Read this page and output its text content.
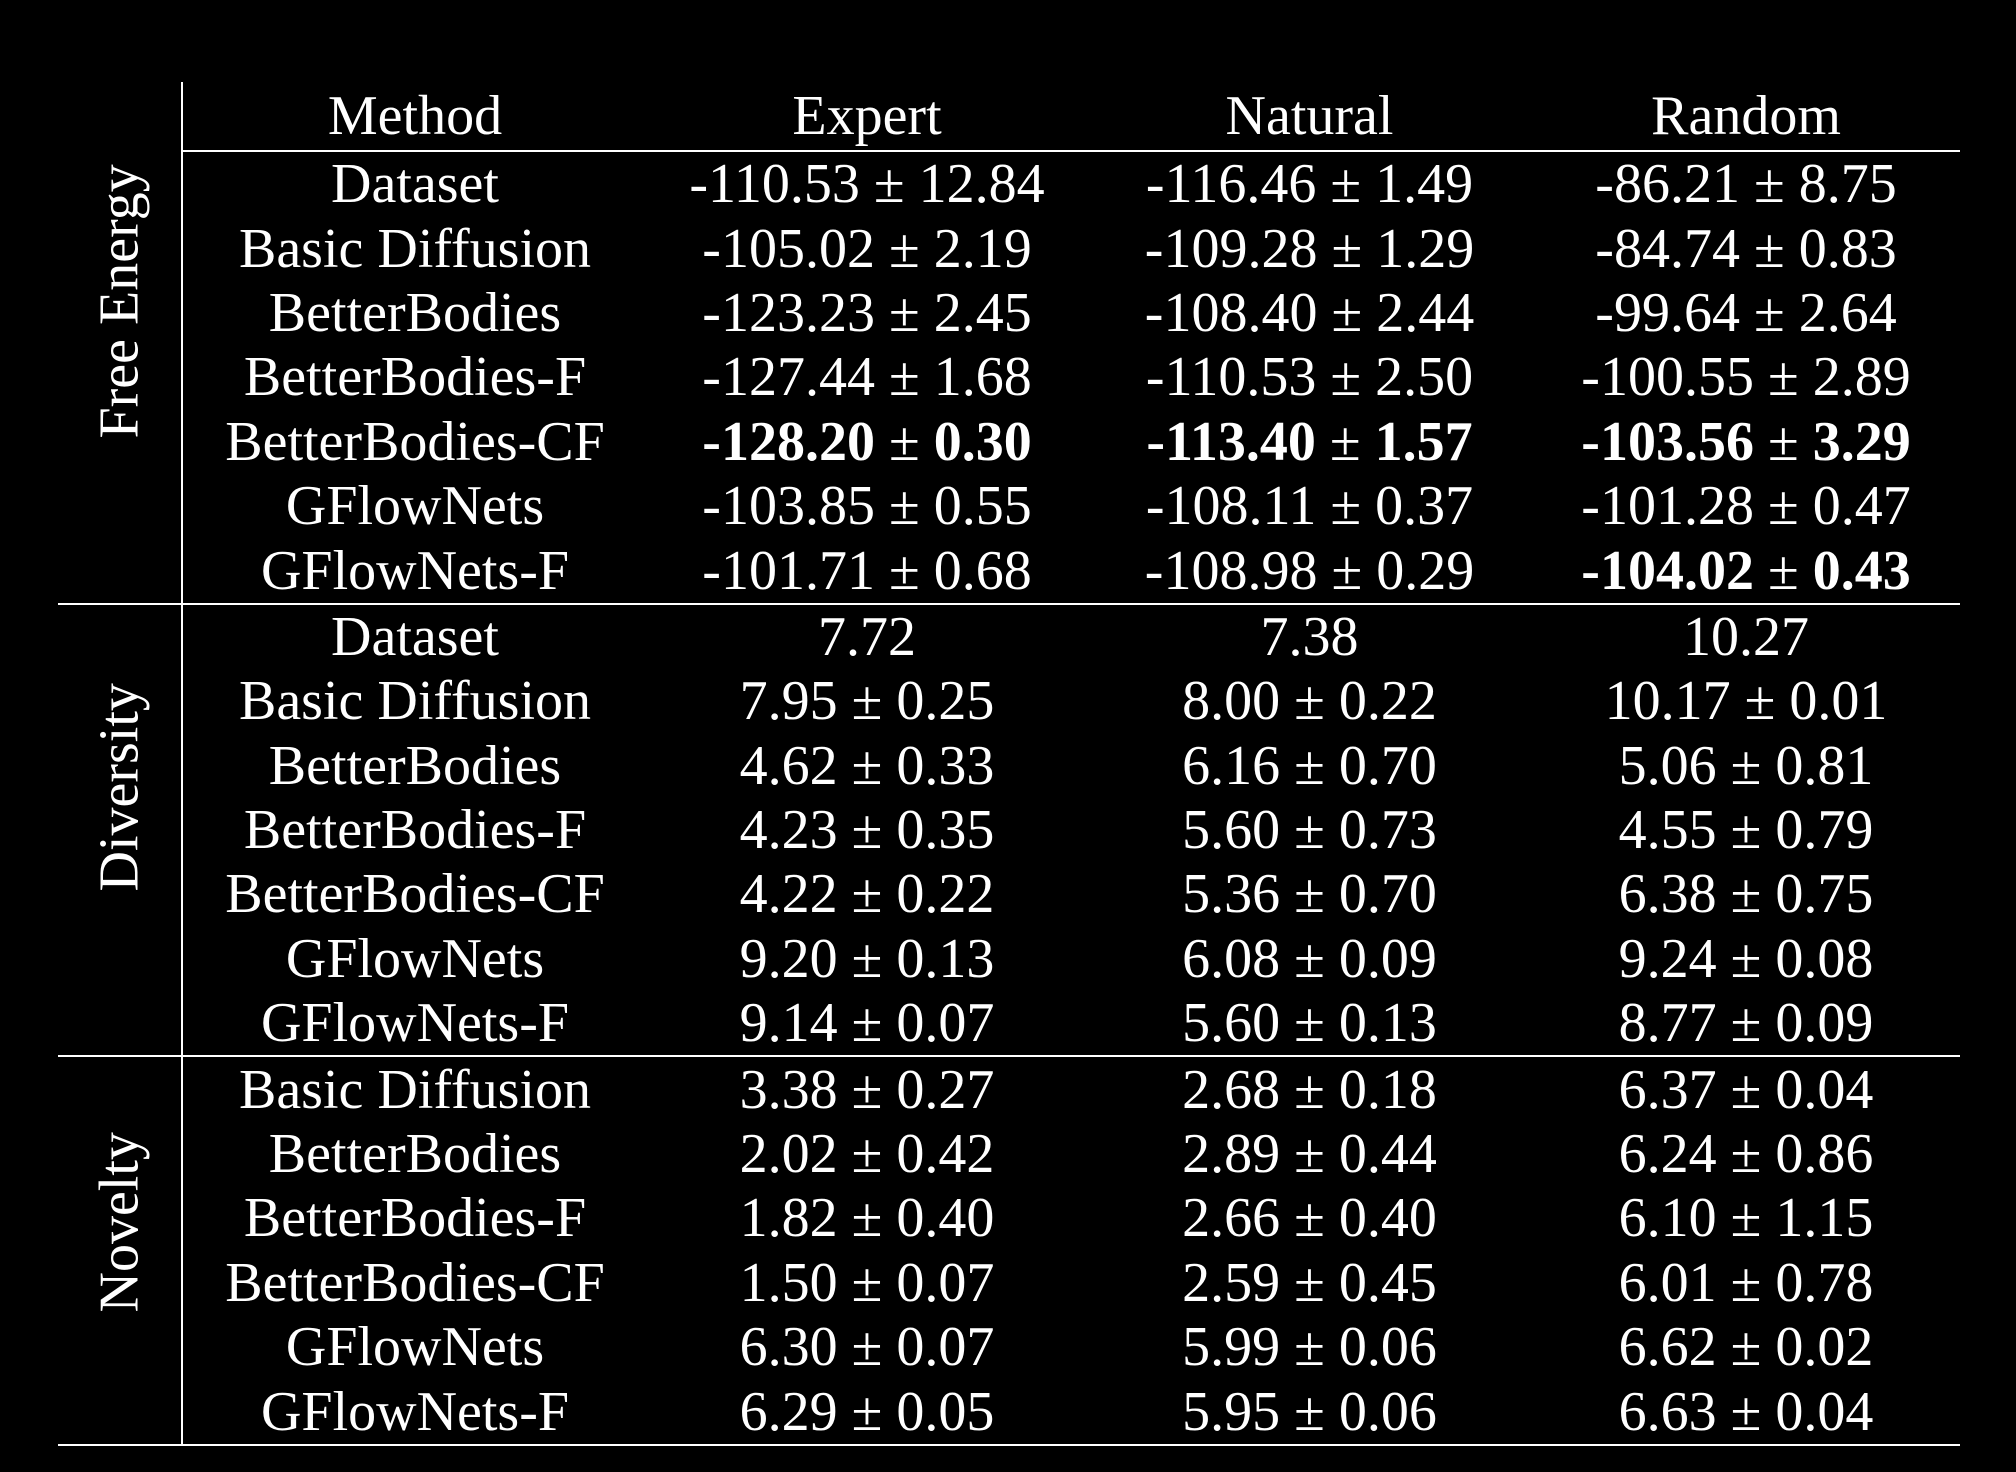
	Method	Expert	Natural	Random

Free Energy	Dataset	-110.53 ± 12.84	-116.46 ± 1.49	-86.21 ± 8.75
	Basic Diffusion	-105.02 ± 2.19	-109.28 ± 1.29	-84.74 ± 0.83
	BetterBodies	-123.23 ± 2.45	-108.40 ± 2.44	-99.64 ± 2.64
	BetterBodies-F	-127.44 ± 1.68	-110.53 ± 2.50	-100.55 ± 2.89
	BetterBodies-CF	-128.20 ± 0.30	-113.40 ± 1.57	-103.56 ± 3.29
	GFlowNets	-103.85 ± 0.55	-108.11 ± 0.37	-101.28 ± 0.47
	GFlowNets-F	-101.71 ± 0.68	-108.98 ± 0.29	-104.02 ± 0.43

Diversity	Dataset	7.72	7.38	10.27
	Basic Diffusion	7.95 ± 0.25	8.00 ± 0.22	10.17 ± 0.01
	BetterBodies	4.62 ± 0.33	6.16 ± 0.70	5.06 ± 0.81
	BetterBodies-F	4.23 ± 0.35	5.60 ± 0.73	4.55 ± 0.79
	BetterBodies-CF	4.22 ± 0.22	5.36 ± 0.70	6.38 ± 0.75
	GFlowNets	9.20 ± 0.13	6.08 ± 0.09	9.24 ± 0.08
	GFlowNets-F	9.14 ± 0.07	5.60 ± 0.13	8.77 ± 0.09

Novelty	Basic Diffusion	3.38 ± 0.27	2.68 ± 0.18	6.37 ± 0.04
	BetterBodies	2.02 ± 0.42	2.89 ± 0.44	6.24 ± 0.86
	BetterBodies-F	1.82 ± 0.40	2.66 ± 0.40	6.10 ± 1.15
	BetterBodies-CF	1.50 ± 0.07	2.59 ± 0.45	6.01 ± 0.78
	GFlowNets	6.30 ± 0.07	5.99 ± 0.06	6.62 ± 0.02
	GFlowNets-F	6.29 ± 0.05	5.95 ± 0.06	6.63 ± 0.04
